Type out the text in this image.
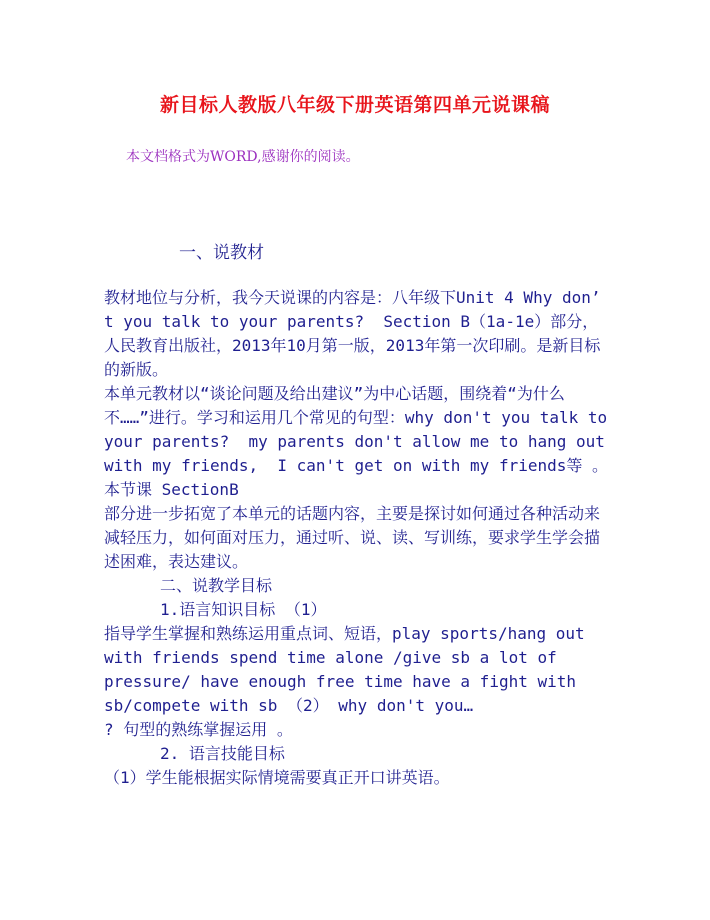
新目标人教版八年级下册英语第四单元说课稿
本文档格式为WORD,感谢你的阅读。
一、说教材

教材地位与分析，我今天说课的内容是：八年级下Unit 4 Why don’ t you talk to your parents?  Section B（1a-1e）部分，人民教育出版社，2013年10月第一版，2013年第一次印刷。是新目标的新版。

本单元教材以“谈论问题及给出建议”为中心话题，围绕着“为什么不……”进行。学习和运用几个常见的句型：why don't you talk to your parents?  my parents don't allow me to hang out with my friends,  I can't get on with my friends等 。本节课 SectionB

部分进一步拓宽了本单元的话题内容，主要是探讨如何通过各种活动来减轻压力，如何面对压力，通过听、说、读、写训练，要求学生学会描述困难，表达建议。

二、说教学目标

1.语言知识目标 （1）

指导学生掌握和熟练运用重点词、短语，play sports/hang out with friends spend time alone /give sb a lot of pressure/ have enough free time have a fight with sb/compete with sb （2） why don't you…

? 句型的熟练掌握运用 。

2. 语言技能目标

（1）学生能根据实际情境需要真正开口讲英语。
